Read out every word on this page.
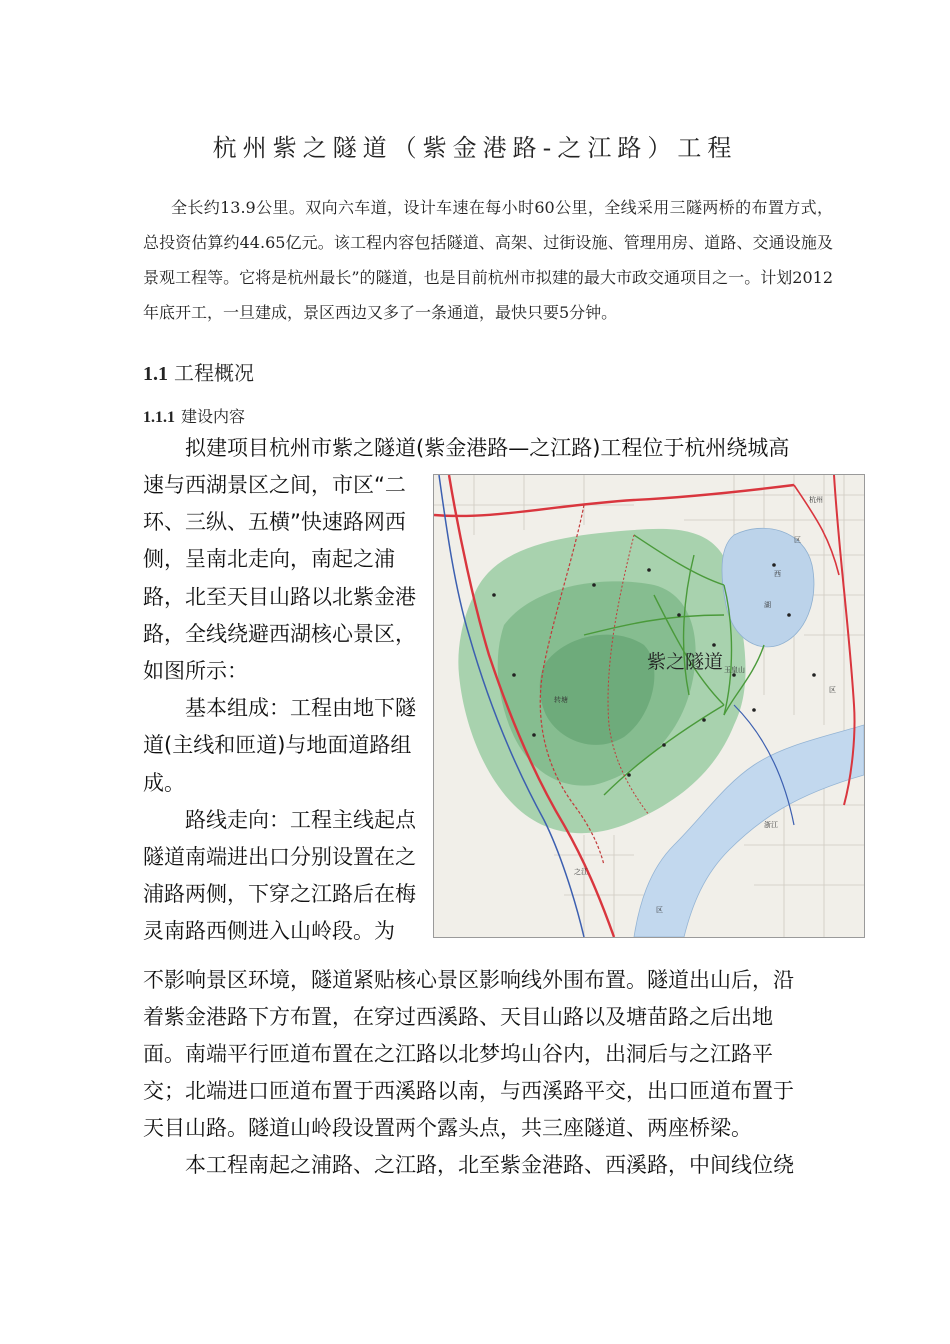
杭州紫之隧道（紫金港路-之江路）工程
全长约13.9公里。双向六车道，设计车速在每小时60公里，全线采用三隧两桥的布置方式，总投资估算约44.65亿元。该工程内容包括隧道、高架、过街设施、管理用房、道路、交通设施及景观工程等。它将是杭州最长”的隧道，也是目前杭州市拟建的最大市政交通项目之一。计划2012年底开工，一旦建成，景区西边又多了一条通道，最快只要5分钟。
1.1 工程概况
1.1.1 建设内容
拟建项目杭州市紫之隧道(紫金港路—之江路)工程位于杭州绕城高

速与西湖景区之间，市区“二环、三纵、五横”快速路网西侧，呈南北走向，南起之浦路，北至天目山路以北紫金港路，全线绕避西湖核心景区，如图所示：

基本组成：工程由地下隧道(主线和匝道)与地面道路组成。

路线走向：工程主线起点隧道南端进出口分别设置在之浦路两侧，下穿之江路后在梅灵南路西侧进入山岭段。为

不影响景区环境，隧道紧贴核心景区影响线外围布置。隧道出山后，沿着紫金港路下方布置，在穿过西溪路、天目山路以及塘苗路之后出地面。南端平行匝道布置在之江路以北梦坞山谷内，出洞后与之江路平交；北端进口匝道布置于西溪路以南，与西溪路平交，出口匝道布置于天目山路。隧道山岭段设置两个露头点，共三座隧道、两座桥梁。

本工程南起之浦路、之江路，北至紫金港路、西溪路，中间线位绕

紫之隧道
西
湖
区
区
区
杭州
之江
浙江
玉皇山
转塘
